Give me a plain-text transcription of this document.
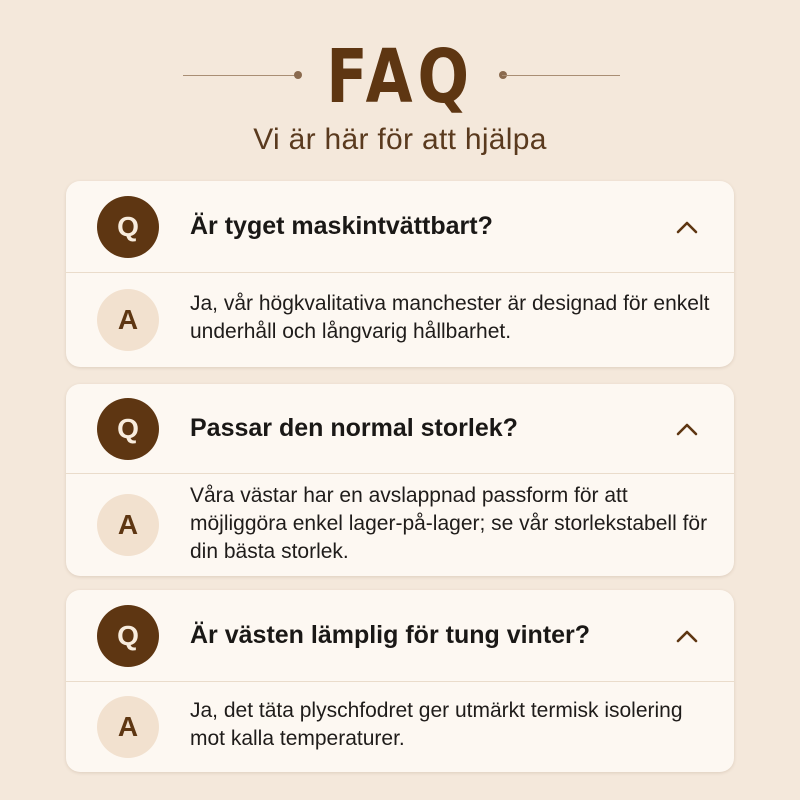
FAQ
Vi är här för att hjälpa
Q	Är tyget maskintvättbart?
A
Ja, vår högkvalitativa manchester är designad för enkelt underhåll och långvarig hållbarhet.
Q	Passar den normal storlek?
A
Våra västar har en avslappnad passform för att möjliggöra enkel lager-på-lager; se vår storlekstabell för din bästa storlek.
Q	Är västen lämplig för tung vinter?
A
Ja, det täta plyschfodret ger utmärkt termisk isolering mot kalla temperaturer.
